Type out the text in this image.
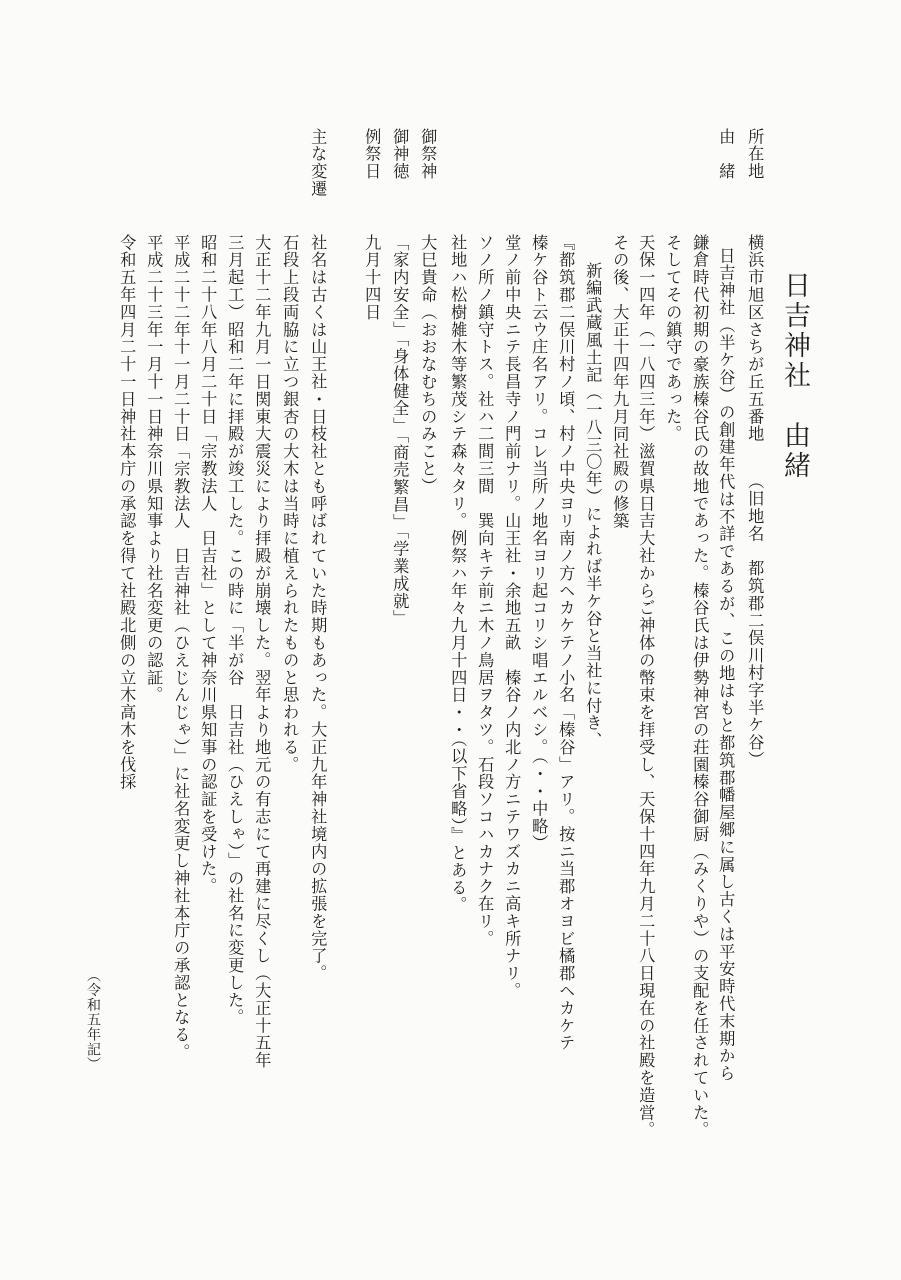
日吉神社　由緒
所在地
横浜市旭区さちが丘五番地（旧地名　都筑郡二俣川村字半ケ谷）
由　緒
日吉神社（半ケ谷）の創建年代は不詳であるが、この地はもと都筑郡幡屋郷に属し古くは平安時代末期から
鎌倉時代初期の豪族榛谷氏の故地であった。榛谷氏は伊勢神宮の荘園榛谷御厨（みくりや）の支配を任されていた。
そしてその鎮守であった。
天保一四年（一八四三年）滋賀県日吉大社からご神体の幣束を拝受し、天保十四年九月二十八日現在の社殿を造営。
その後、大正十四年九月同社殿の修築
新編武蔵風土記（一八三〇年）によれば半ケ谷と当社に付き、
『都筑郡二俣川村ノ頃、村ノ中央ヨリ南ノ方ヘカケテノ小名「榛谷」アリ。按ニ当郡オヨビ橘郡ヘカケテ
榛ケ谷ト云ウ庄名アリ。コレ当所ノ地名ヨリ起コリシ唱エルベシ。（・・中略）
堂ノ前中央ニテ長昌寺ノ門前ナリ。山王社・余地五畝　榛谷ノ内北ノ方ニテワズカニ高キ所ナリ。
ソノ所ノ鎮守トス。社ハ二間三間　巽向キテ前ニ木ノ鳥居ヲタツ。石段ソコハカナク在リ。
社地ハ松樹雑木等繁茂シテ森々タリ。例祭ハ年々九月十四日・・（以下省略）』とある。
御祭神
大巳貴命（おおなむちのみこと）
御神徳
「家内安全」「身体健全」「商売繁昌」「学業成就」
例祭日
九月十四日
主な変遷
社名は古くは山王社・日枝社とも呼ばれていた時期もあった。大正九年神社境内の拡張を完了。
石段上段両脇に立つ銀杏の大木は当時に植えられたものと思われる。
大正十二年九月一日関東大震災により拝殿が崩壊した。翌年より地元の有志にて再建に尽くし（大正十五年
三月起工）昭和二年に拝殿が竣工した。この時に「半が谷　日吉社（ひえしゃ）」の社名に変更した。
昭和二十八年八月二十日「宗教法人　日吉社」として神奈川県知事の認証を受けた。
平成二十二年十一月二十日「宗教法人　日吉神社（ひえじんじゃ）」に社名変更し神社本庁の承認となる。
平成二十三年一月十一日神奈川県知事より社名変更の認証。
令和五年四月二十一日神社本庁の承認を得て社殿北側の立木高木を伐採
（令和五年記）
